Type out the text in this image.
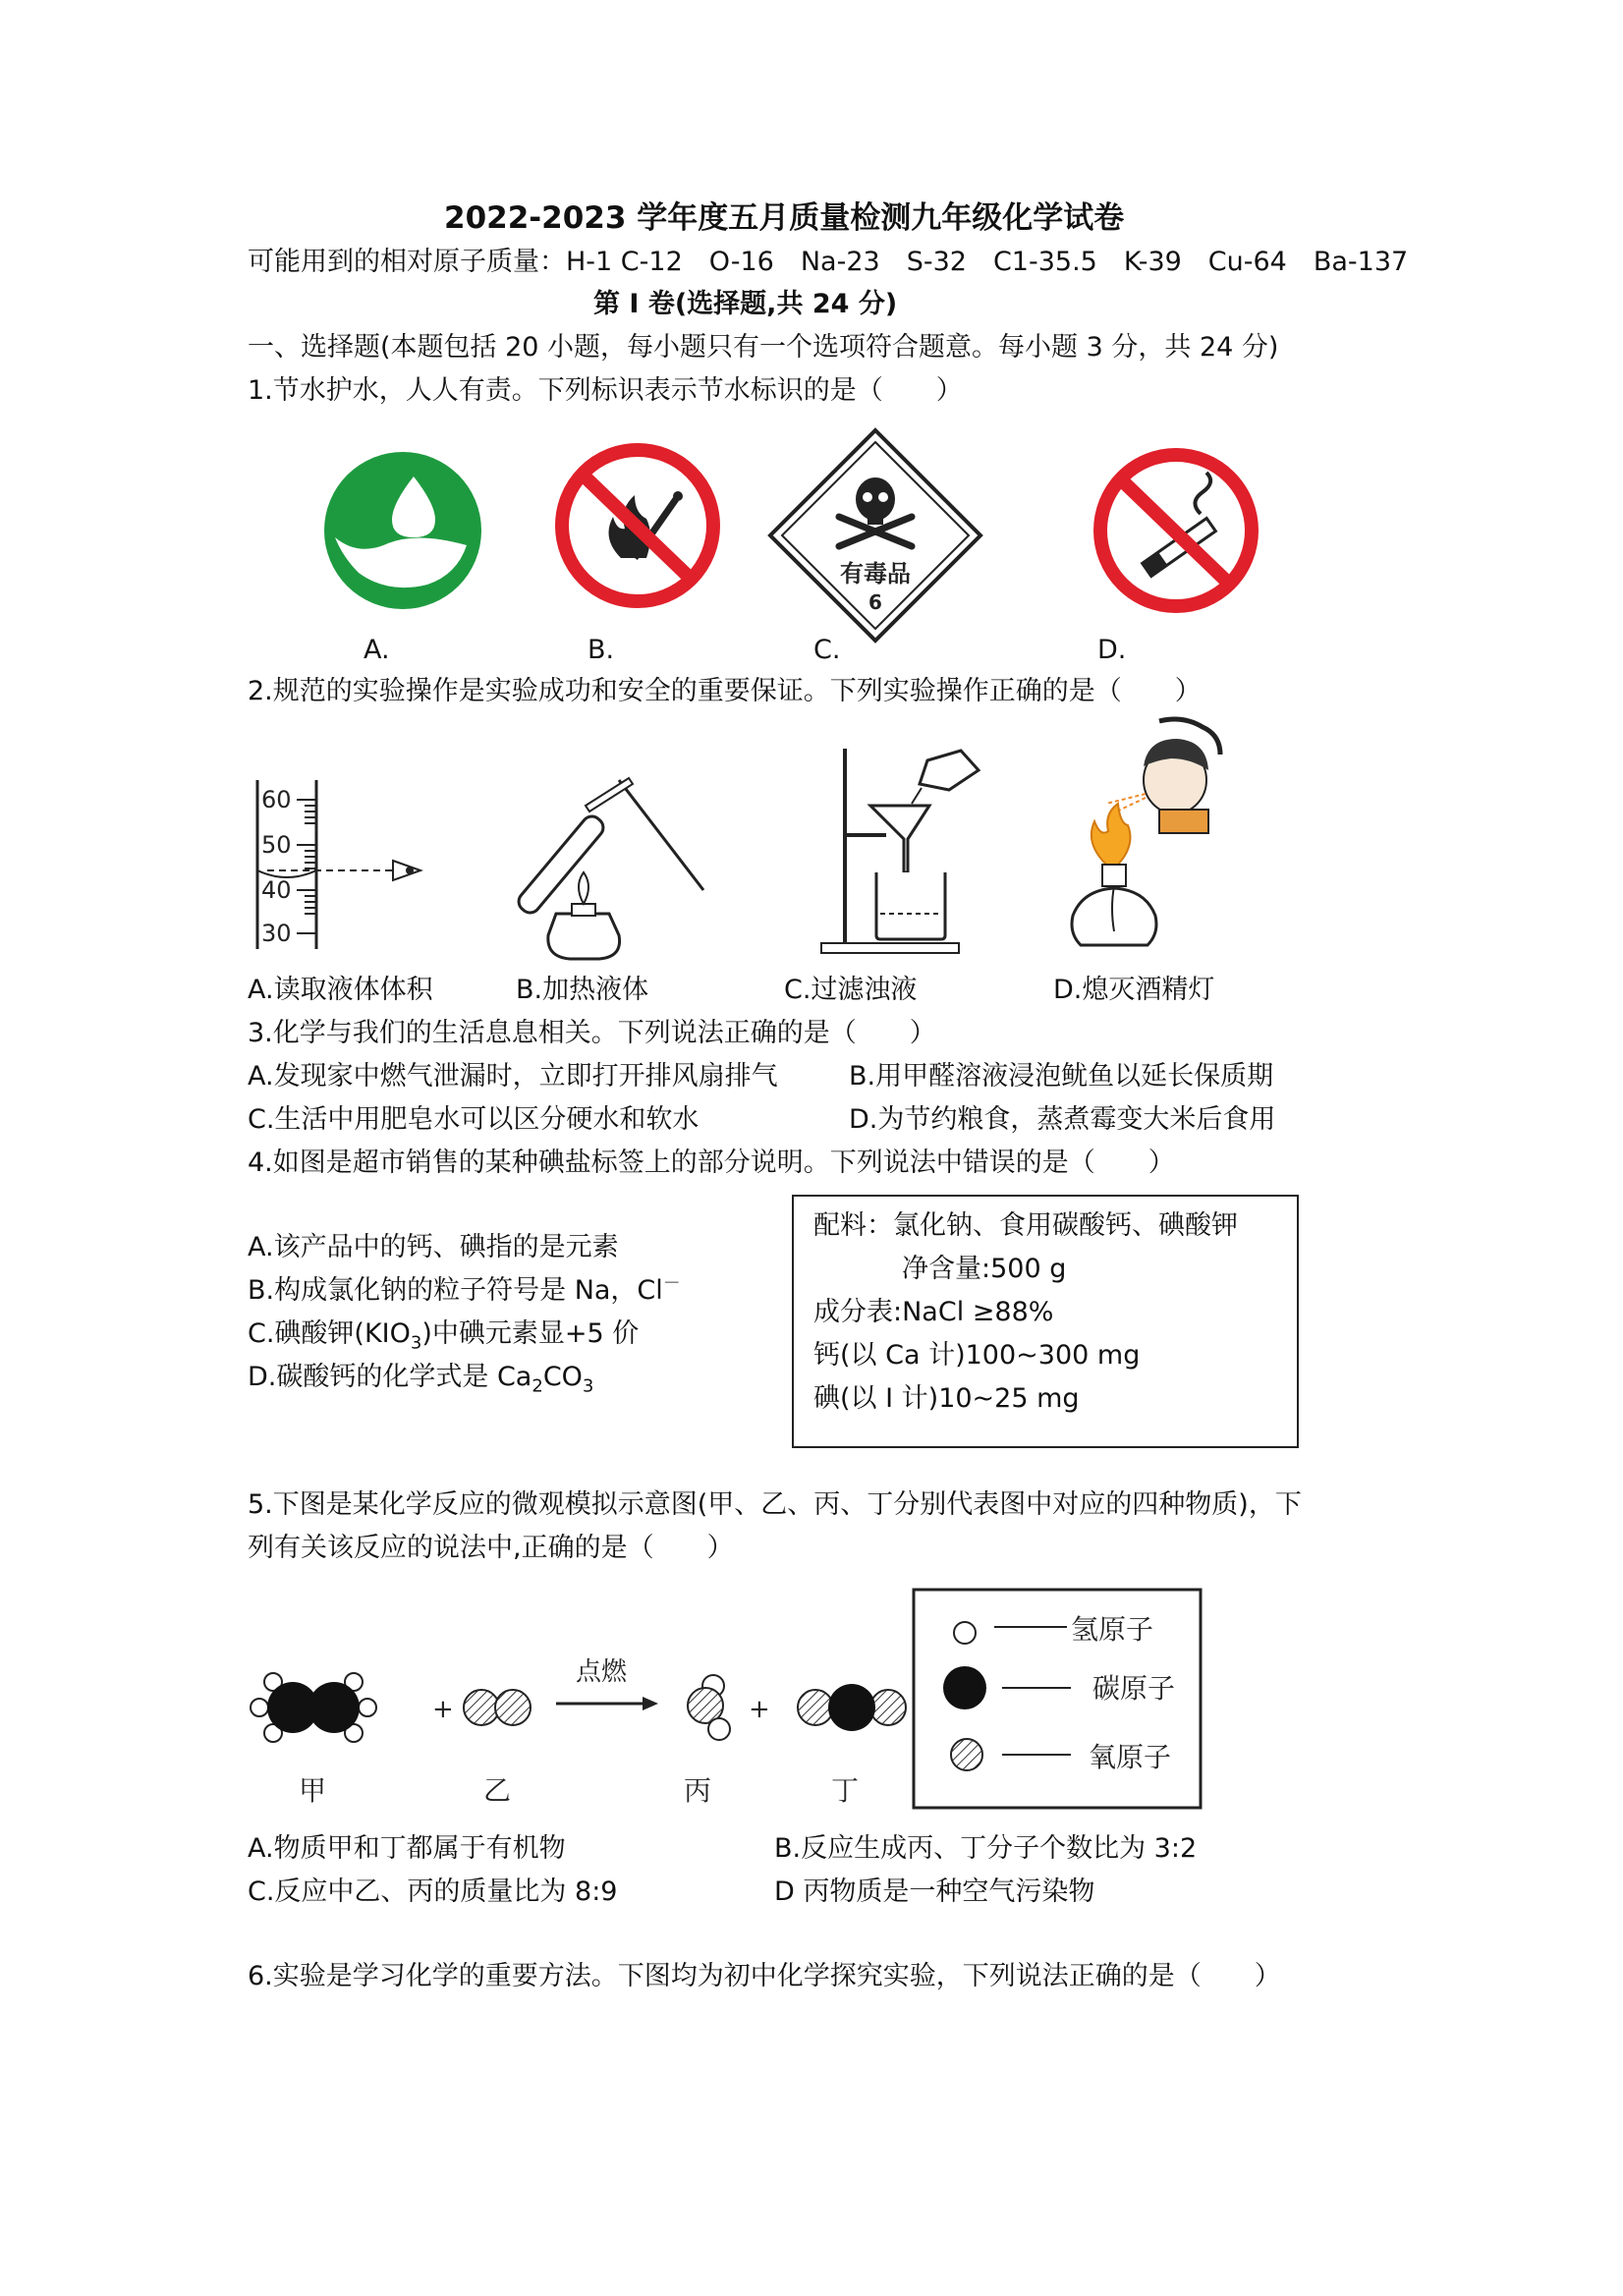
2022-2023 学年度五月质量检测九年级化学试卷
可能用到的相对原子质量：H-1 C-12　O-16　Na-23　S-32　C1-35.5　K-39　Cu-64　Ba-137
第 I 卷(选择题,共 24 分)
一、选择题(本题包括 20 小题，每小题只有一个选项符合题意。每小题 3 分，共 24 分)
1.节水护水，人人有责。下列标识表示节水标识的是（　　）
有毒品
6
A.	B.	C.	D.
2.规范的实验操作是实验成功和安全的重要保证。下列实验操作正确的是（　　）
60
50
40
30
A.读取液体体积	B.加热液体	C.过滤浊液	D.熄灭酒精灯
3.化学与我们的生活息息相关。下列说法正确的是（　　）
A.发现家中燃气泄漏时，立即打开排风扇排气	B.用甲醛溶液浸泡鱿鱼以延长保质期
C.生活中用肥皂水可以区分硬水和软水	D.为节约粮食，蒸煮霉变大米后食用
4.如图是超市销售的某种碘盐标签上的部分说明。下列说法中错误的是（　　）
A.该产品中的钙、碘指的是元素
B.构成氯化钠的粒子符号是 Na，Cl－
C.碘酸钾$(KIO_3)$中碘元素显+5 价
D.碳酸钙的化学式是 $Ca_2CO_3$
配料：氯化钠、食用碳酸钙、碘酸钾
净含量:500 g
成分表:NaCl ≥88%
钙(以 Ca 计)100~300 mg
碘(以 I 计)10~25 mg
5.下图是某化学反应的微观模拟示意图(甲、乙、丙、丁分别代表图中对应的四种物质)，下
列有关该反应的说法中,正确的是（　　）
+
点燃
+
甲	乙	丙	丁
氢原子
碳原子
氧原子
A.物质甲和丁都属于有机物	B.反应生成丙、丁分子个数比为 3:2
C.反应中乙、丙的质量比为 8:9	D 丙物质是一种空气污染物
6.实验是学习化学的重要方法。下图均为初中化学探究实验，下列说法正确的是（　　）
